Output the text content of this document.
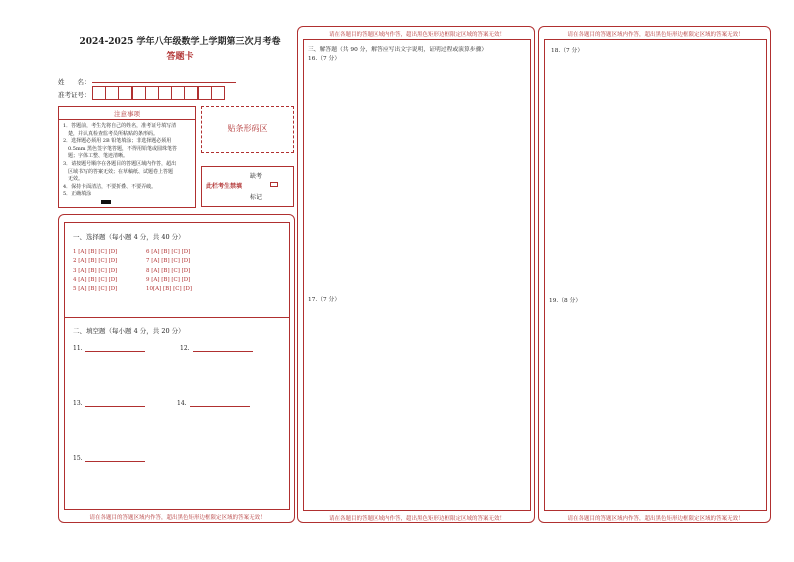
2024-2025 学年八年级数学上学期第三次月考卷
答题卡
姓　　名：
准考证号：
注意事项
1．答题前，考生先将自己的姓名，准考证号填写清
　楚，并认真检查监考员所粘贴的条形码。
2．选择题必须用 2B 铅笔填涂；非选择题必须用
　0.5mm 黑色签字笔答题，不得用铅笔或圆珠笔答
　题；字体工整、笔迹清晰。
3．请按题号顺序在各题目的答题区域内作答，超出
　区域书写的答案无效；在草稿纸、试题卷上答题
　无效。
4．保持卡面清洁，不要折叠、不要弄破。
5．正确填涂
贴条形码区
缺考
此栏考生禁填
标记
一、选择题（每小题 4 分，共 40 分）
1 [A] [B] [C] [D]
2 [A] [B] [C] [D]
3 [A] [B] [C] [D]
4 [A] [B] [C] [D]
5 [A] [B] [C] [D]
6 [A] [B] [C] [D]
7 [A] [B] [C] [D]
8 [A] [B] [C] [D]
9 [A] [B] [C] [D]
10[A] [B] [C] [D]
二、填空题（每小题 4 分，共 20 分）
11.	12.
13.	14.
15.
请在各题目的答题区域内作答，超出黑色矩形边框限定区域的答案无效！
请在各题目的答题区域内作答，超出黑色矩形边框限定区域的答案无效！
三、解答题（共 90 分，解答应写出文字说明，证明过程或演算步骤）
16.（7 分）
17.（7 分）
请在各题目的答题区域内作答，超出黑色矩形边框限定区域的答案无效！
请在各题目的答题区域内作答，超出黑色矩形边框限定区域的答案无效！
18.（7 分）
19.（8 分）
请在各题目的答题区域内作答，超出黑色矩形边框限定区域的答案无效！
